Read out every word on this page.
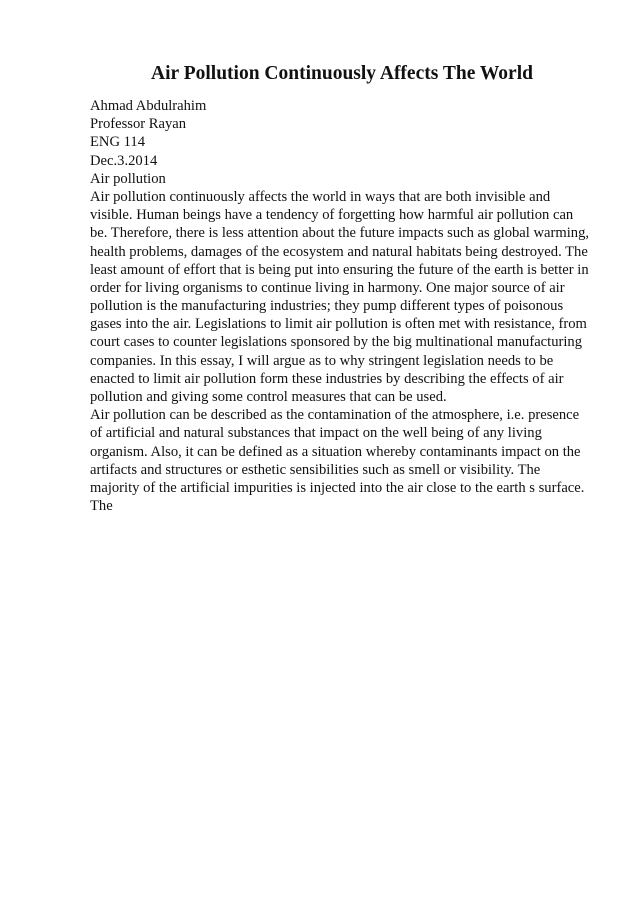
Air Pollution Continuously Affects The World
Ahmad Abdulrahim
Professor Rayan
ENG 114
Dec.3.2014
Air pollution
Air pollution continuously affects the world in ways that are both invisible and
visible. Human beings have a tendency of forgetting how harmful air pollution can
be. Therefore, there is less attention about the future impacts such as global warming,
health problems, damages of the ecosystem and natural habitats being destroyed. The
least amount of effort that is being put into ensuring the future of the earth is better in
order for living organisms to continue living in harmony. One major source of air
pollution is the manufacturing industries; they pump different types of poisonous
gases into the air. Legislations to limit air pollution is often met with resistance, from
court cases to counter legislations sponsored by the big multinational manufacturing
companies. In this essay, I will argue as to why stringent legislation needs to be
enacted to limit air pollution form these industries by describing the effects of air
pollution and giving some control measures that can be used.
Air pollution can be described as the contamination of the atmosphere, i.e. presence
of artificial and natural substances that impact on the well being of any living
organism. Also, it can be defined as a situation whereby contaminants impact on the
artifacts and structures or esthetic sensibilities such as smell or visibility. The
majority of the artificial impurities is injected into the air close to the earth s surface.
The
